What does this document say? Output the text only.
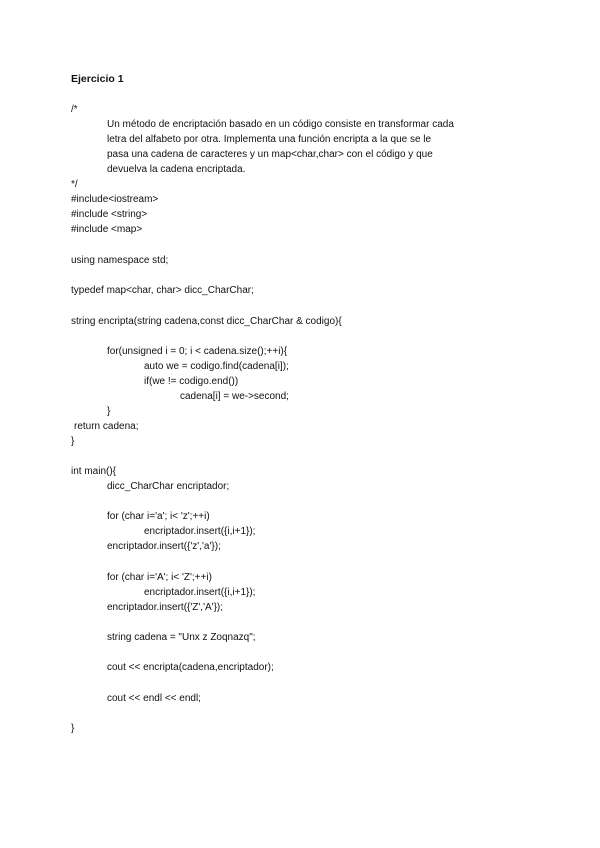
Ejercicio 1
/*
Un método de encriptación basado en un código consiste en transformar cada
letra del alfabeto por otra. Implementa una función encripta a la que se le
pasa una cadena de caracteres y un map<char,char> con el código y que
devuelva la cadena encriptada.
*/
#include<iostream>
#include <string>
#include <map>
using namespace std;
typedef map<char, char> dicc_CharChar;
string encripta(string cadena,const dicc_CharChar & codigo){
for(unsigned i = 0; i < cadena.size();++i){
auto we = codigo.find(cadena[i]);
if(we != codigo.end())
cadena[i] = we->second;
}
return cadena;
}
int main(){
dicc_CharChar encriptador;
for (char i='a'; i< 'z';++i)
encriptador.insert({i,i+1});
encriptador.insert({'z','a'});
for (char i='A'; i< 'Z';++i)
encriptador.insert({i,i+1});
encriptador.insert({'Z','A'});
string cadena = "Unx z Zoqnazq";
cout << encripta(cadena,encriptador);
cout << endl << endl;
}
